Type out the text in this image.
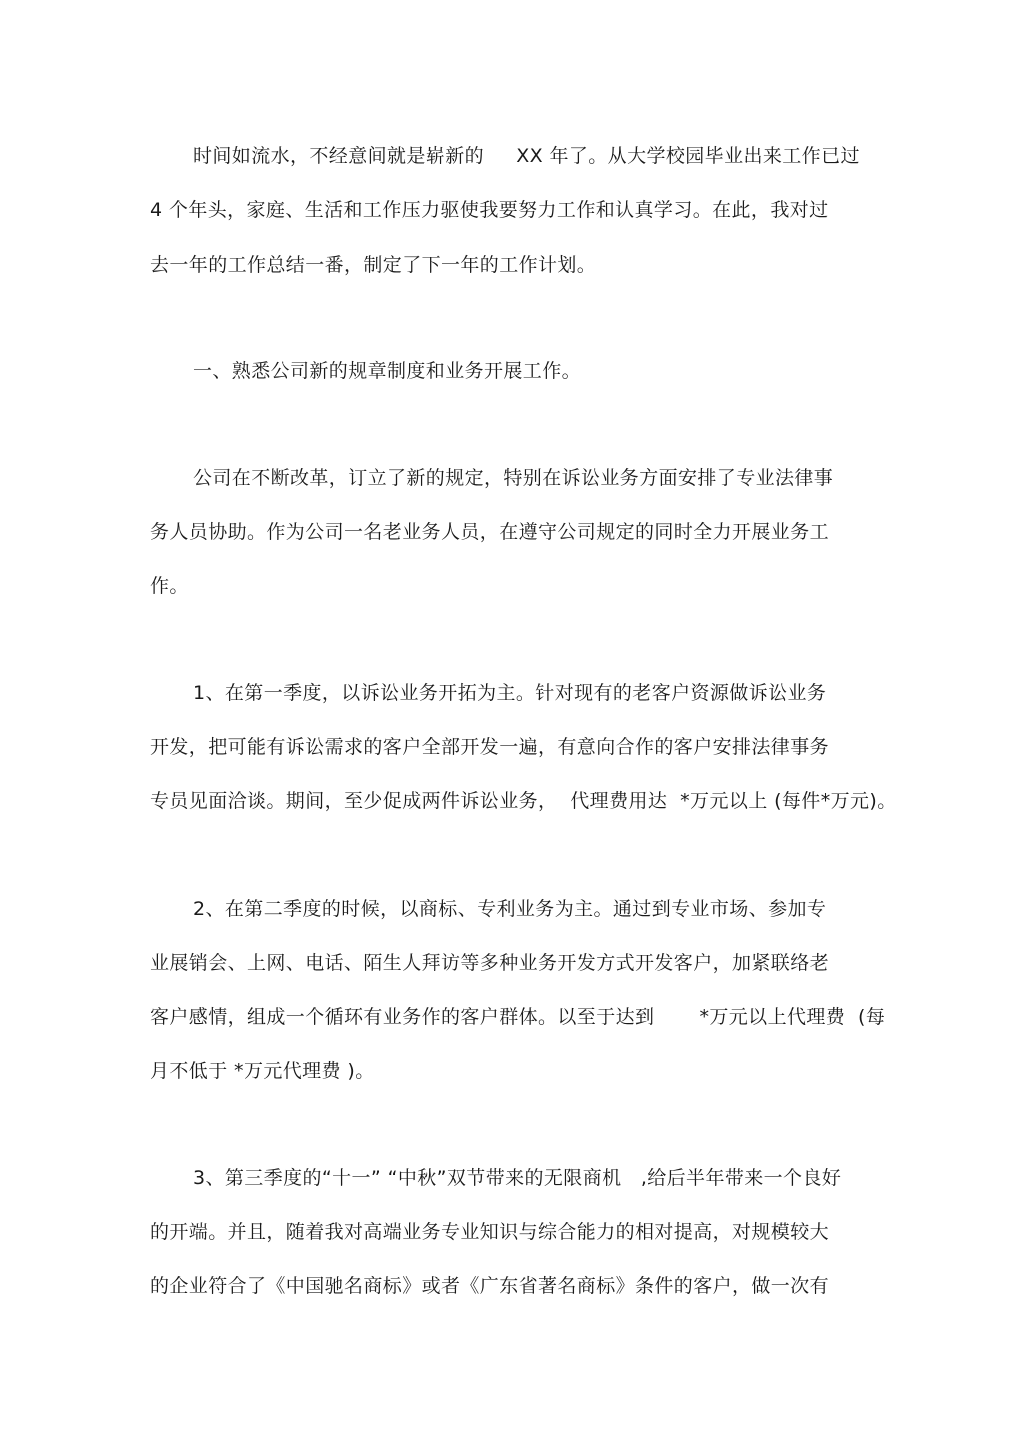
时间如流水，不经意间就是崭新的     XX 年了。从大学校园毕业出来工作已过
4 个年头，家庭、生活和工作压力驱使我要努力工作和认真学习。在此，我对过
去一年的工作总结一番，制定了下一年的工作计划。
一、熟悉公司新的规章制度和业务开展工作。
公司在不断改革，订立了新的规定，特别在诉讼业务方面安排了专业法律事
务人员协助。作为公司一名老业务人员，在遵守公司规定的同时全力开展业务工
作。
1、在第一季度，以诉讼业务开拓为主。针对现有的老客户资源做诉讼业务
开发，把可能有诉讼需求的客户全部开发一遍，有意向合作的客户安排法律事务
专员见面洽谈。期间，至少促成两件诉讼业务，  代理费用达  *万元以上 (每件*万元)。
2、在第二季度的时候，以商标、专利业务为主。通过到专业市场、参加专
业展销会、上网、电话、陌生人拜访等多种业务开发方式开发客户，加紧联络老
客户感情，组成一个循环有业务作的客户群体。以至于达到       *万元以上代理费  (每
月不低于 *万元代理费 )。
3、第三季度的“十一” “中秋”双节带来的无限商机   ,给后半年带来一个良好
的开端。并且，随着我对高端业务专业知识与综合能力的相对提高，对规模较大
的企业符合了《中国驰名商标》或者《广东省著名商标》条件的客户，做一次有
